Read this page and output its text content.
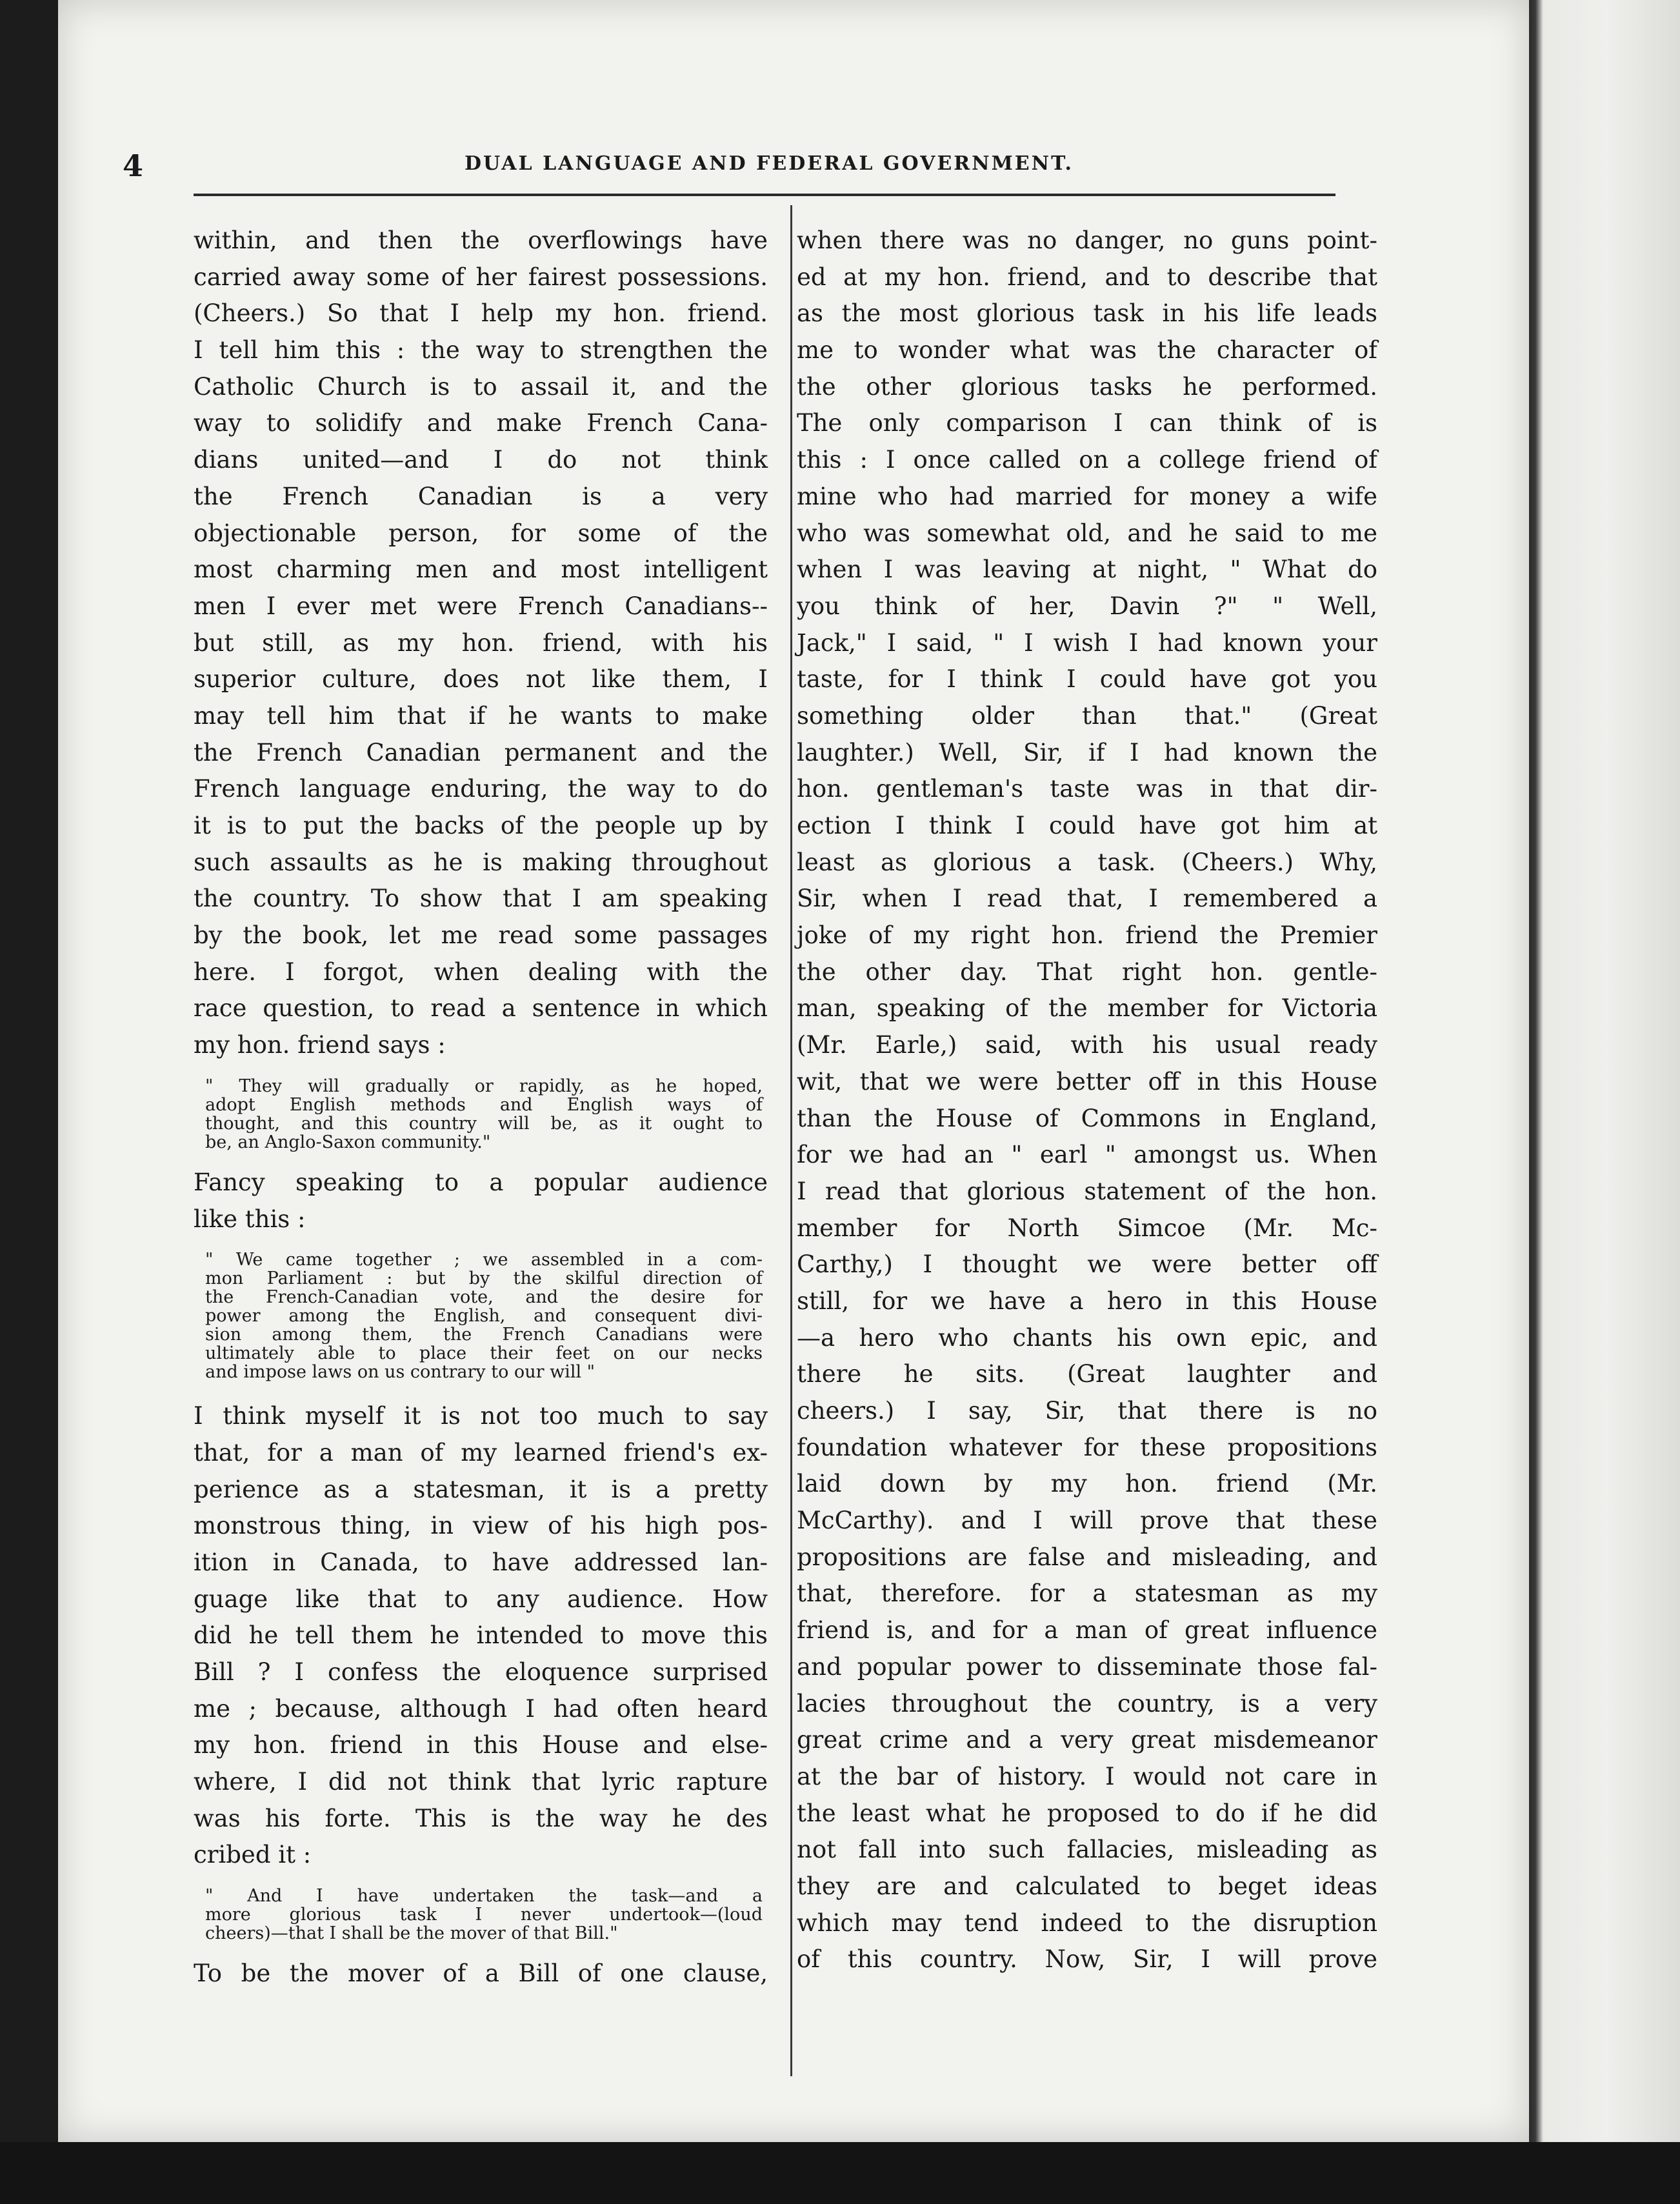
4	DUAL LANGUAGE AND FEDERAL GOVERNMENT.
within, and then the overflowings have
carried away some of her fairest possessions.
(Cheers.) So that I help my hon. friend.
I tell him this : the way to strengthen the
Catholic Church is to assail it, and the
way to solidify and make French Cana-
dians united—and I do not think
the French Canadian is a very
objectionable person, for some of the
most charming men and most intelligent
men I ever met were French Canadians--
but still, as my hon. friend, with his
superior culture, does not like them, I
may tell him that if he wants to make
the French Canadian permanent and the
French language enduring, the way to do
it is to put the backs of the people up by
such assaults as he is making throughout
the country. To show that I am speaking
by the book, let me read some passages
here. I forgot, when dealing with the
race question, to read a sentence in which
my hon. friend says :
" They will gradually or rapidly, as he hoped,
adopt English methods and English ways of
thought, and this country will be, as it ought to
be, an Anglo-Saxon community."
Fancy speaking to a popular audience
like this :
" We came together ; we assembled in a com-
mon Parliament : but by the skilful direction of
the French-Canadian vote, and the desire for
power among the English, and consequent divi-
sion among them, the French Canadians were
ultimately able to place their feet on our necks
and impose laws on us contrary to our will "
I think myself it is not too much to say
that, for a man of my learned friend's ex-
perience as a statesman, it is a pretty
monstrous thing, in view of his high pos-
ition in Canada, to have addressed lan-
guage like that to any audience. How
did he tell them he intended to move this
Bill ? I confess the eloquence surprised
me ; because, although I had often heard
my hon. friend in this House and else-
where, I did not think that lyric rapture
was his forte. This is the way he des
cribed it :
" And I have undertaken the task—and a
more glorious task I never undertook—(loud
cheers)—that I shall be the mover of that Bill."
To be the mover of a Bill of one clause,
when there was no danger, no guns point-
ed at my hon. friend, and to describe that
as the most glorious task in his life leads
me to wonder what was the character of
the other glorious tasks he performed.
The only comparison I can think of is
this : I once called on a college friend of
mine who had married for money a wife
who was somewhat old, and he said to me
when I was leaving at night, " What do
you think of her, Davin ?" " Well,
Jack," I said, " I wish I had known your
taste, for I think I could have got you
something older than that." (Great
laughter.) Well, Sir, if I had known the
hon. gentleman's taste was in that dir-
ection I think I could have got him at
least as glorious a task. (Cheers.) Why,
Sir, when I read that, I remembered a
joke of my right hon. friend the Premier
the other day. That right hon. gentle-
man, speaking of the member for Victoria
(Mr. Earle,) said, with his usual ready
wit, that we were better off in this House
than the House of Commons in England,
for we had an " earl " amongst us. When
I read that glorious statement of the hon.
member for North Simcoe (Mr. Mc-
Carthy,) I thought we were better off
still, for we have a hero in this House
—a hero who chants his own epic, and
there he sits. (Great laughter and
cheers.) I say, Sir, that there is no
foundation whatever for these propositions
laid down by my hon. friend (Mr.
McCarthy). and I will prove that these
propositions are false and misleading, and
that, therefore. for a statesman as my
friend is, and for a man of great influence
and popular power to disseminate those fal-
lacies throughout the country, is a very
great crime and a very great misdemeanor
at the bar of history. I would not care in
the least what he proposed to do if he did
not fall into such fallacies, misleading as
they are and calculated to beget ideas
which may tend indeed to the disruption
of this country. Now, Sir, I will prove
